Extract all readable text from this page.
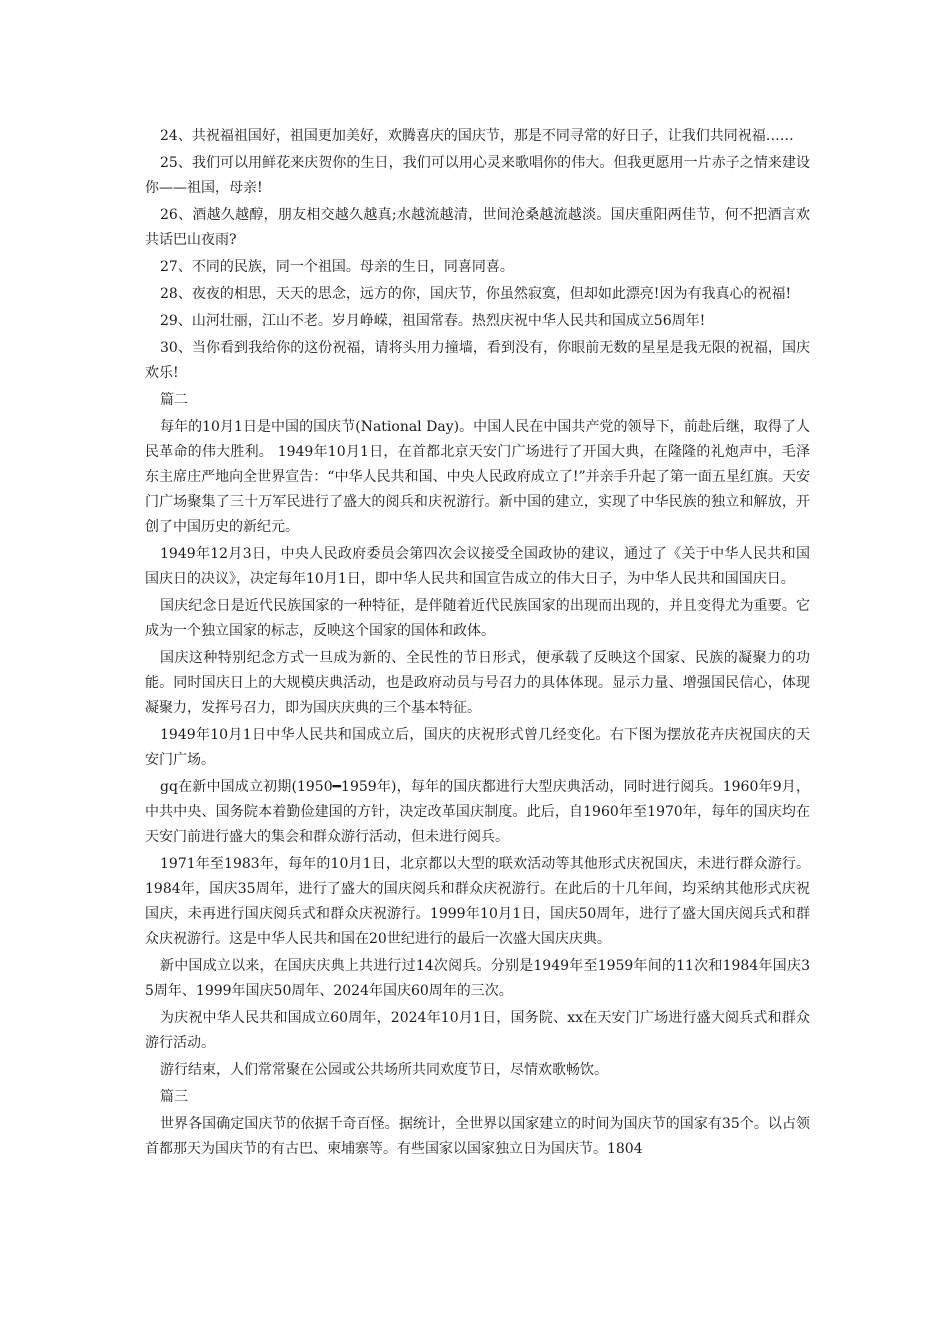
24、共祝福祖国好，祖国更加美好，欢腾喜庆的国庆节，那是不同寻常的好日子，让我们共同祝福……

25、我们可以用鲜花来庆贺你的生日，我们可以用心灵来歌唱你的伟大。但我更愿用一片赤子之情来建设你——祖国，母亲!

26、酒越久越醇，朋友相交越久越真;水越流越清，世间沧桑越流越淡。国庆重阳两佳节，何不把酒言欢共话巴山夜雨?

27、不同的民族，同一个祖国。母亲的生日，同喜同喜。

28、夜夜的相思，天天的思念，远方的你，国庆节，你虽然寂寞，但却如此漂亮!因为有我真心的祝福!

29、山河壮丽，江山不老。岁月峥嵘，祖国常春。热烈庆祝中华人民共和国成立56周年!

30、当你看到我给你的这份祝福，请将头用力撞墙，看到没有，你眼前无数的星星是我无限的祝福，国庆欢乐!

篇二

每年的10月1日是中国的国庆节(National Day)。中国人民在中国共产党的领导下，前赴后继，取得了人民革命的伟大胜利。 1949年10月1日，在首都北京天安门广场进行了开国大典，在隆隆的礼炮声中，毛泽东主席庄严地向全世界宣告：“中华人民共和国、中央人民政府成立了!”并亲手升起了第一面五星红旗。天安门广场聚集了三十万军民进行了盛大的阅兵和庆祝游行。新中国的建立，实现了中华民族的独立和解放，开创了中国历史的新纪元。

1949年12月3日，中央人民政府委员会第四次会议接受全国政协的建议，通过了《关于中华人民共和国国庆日的决议》，决定每年10月1日，即中华人民共和国宣告成立的伟大日子，为中华人民共和国国庆日。

国庆纪念日是近代民族国家的一种特征，是伴随着近代民族国家的出现而出现的，并且变得尤为重要。它成为一个独立国家的标志，反映这个国家的国体和政体。

国庆这种特别纪念方式一旦成为新的、全民性的节日形式，便承载了反映这个国家、民族的凝聚力的功能。同时国庆日上的大规模庆典活动，也是政府动员与号召力的具体体现。显示力量、增强国民信心，体现凝聚力，发挥号召力，即为国庆庆典的三个基本特征。

1949年10月1日中华人民共和国成立后，国庆的庆祝形式曾几经变化。右下图为摆放花卉庆祝国庆的天安门广场。

gq在新中国成立初期(1950━1959年)，每年的国庆都进行大型庆典活动，同时进行阅兵。1960年9月，中共中央、国务院本着勤俭建国的方针，决定改革国庆制度。此后，自1960年至1970年，每年的国庆均在天安门前进行盛大的集会和群众游行活动，但未进行阅兵。

1971年至1983年，每年的10月1日，北京都以大型的联欢活动等其他形式庆祝国庆，未进行群众游行。1984年，国庆35周年，进行了盛大的国庆阅兵和群众庆祝游行。在此后的十几年间，均采纳其他形式庆祝国庆，未再进行国庆阅兵式和群众庆祝游行。1999年10月1日，国庆50周年，进行了盛大国庆阅兵式和群众庆祝游行。这是中华人民共和国在20世纪进行的最后一次盛大国庆庆典。

新中国成立以来，在国庆庆典上共进行过14次阅兵。分别是1949年至1959年间的11次和1984年国庆35周年、1999年国庆50周年、2024年国庆60周年的三次。

为庆祝中华人民共和国成立60周年，2024年10月1日，国务院、xx在天安门广场进行盛大阅兵式和群众游行活动。

游行结束，人们常常聚在公园或公共场所共同欢度节日，尽情欢歌畅饮。

篇三

世界各国确定国庆节的依据千奇百怪。据统计，全世界以国家建立的时间为国庆节的国家有35个。以占领首都那天为国庆节的有古巴、柬埔寨等。有些国家以国家独立日为国庆节。1804
